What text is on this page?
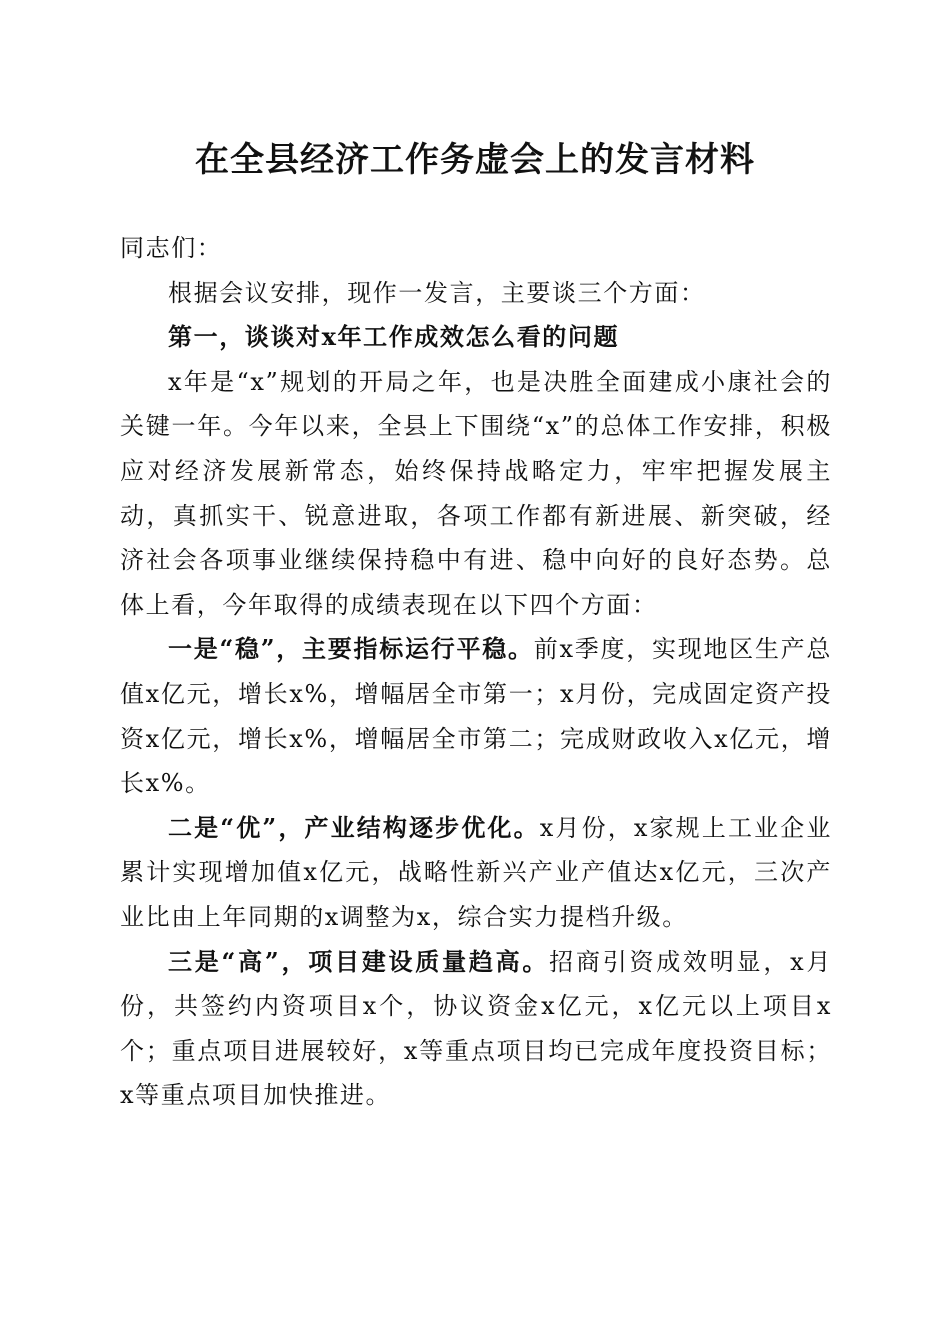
在全县经济工作务虚会上的发言材料

同志们：

根据会议安排，现作一发言，主要谈三个方面：

第一，谈谈对x年工作成效怎么看的问题

x年是“x”规划的开局之年，也是决胜全面建成小康社会的关键一年。今年以来，全县上下围绕“x”的总体工作安排，积极应对经济发展新常态，始终保持战略定力，牢牢把握发展主动，真抓实干、锐意进取，各项工作都有新进展、新突破，经济社会各项事业继续保持稳中有进、稳中向好的良好态势。总体上看，今年取得的成绩表现在以下四个方面：

一是“稳”，主要指标运行平稳。前x季度，实现地区生产总值x亿元，增长x%，增幅居全市第一；x月份，完成固定资产投资x亿元，增长x%，增幅居全市第二；完成财政收入x亿元，增长x%。

二是“优”，产业结构逐步优化。x月份，x家规上工业企业累计实现增加值x亿元，战略性新兴产业产值达x亿元，三次产业比由上年同期的x调整为x，综合实力提档升级。

三是“高”，项目建设质量趋高。招商引资成效明显，x月份，共签约内资项目x个，协议资金x亿元，x亿元以上项目x个；重点项目进展较好，x等重点项目均已完成年度投资目标；x等重点项目加快推进。
